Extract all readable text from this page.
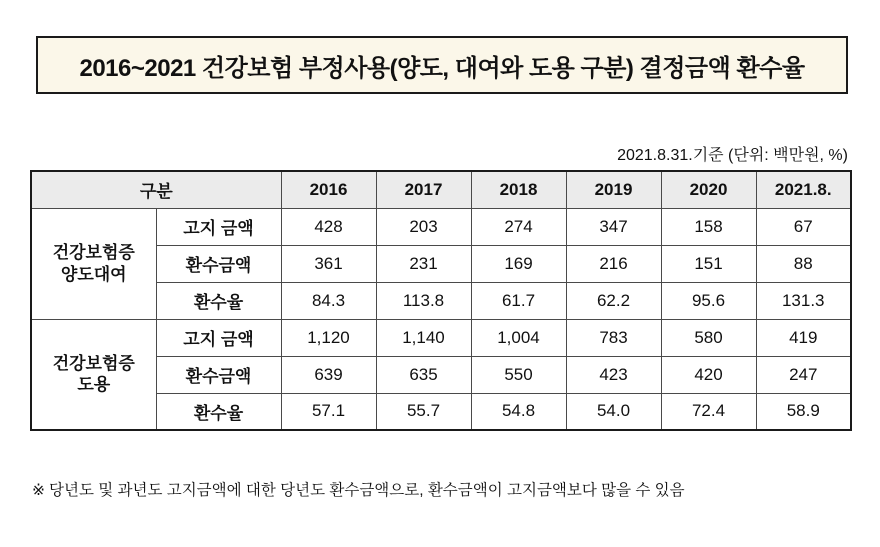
2016~2021 건강보험 부정사용(양도, 대여와 도용 구분) 결정금액 환수율
2021.8.31.기준 (단위: 백만원, %)
구분		2016	2017	2018	2019	2020	2021.8.
건강보험증
양도대여	고지 금액	428	203	274	347	158	67
	환수금액	361	231	169	216	151	88
	환수율	84.3	113.8	61.7	62.2	95.6	131.3
건강보험증
도용	고지 금액	1,120	1,140	1,004	783	580	419
	환수금액	639	635	550	423	420	247
	환수율	57.1	55.7	54.8	54.0	72.4	58.9
※ 당년도 및 과년도 고지금액에 대한 당년도 환수금액으로, 환수금액이 고지금액보다 많을 수 있음
